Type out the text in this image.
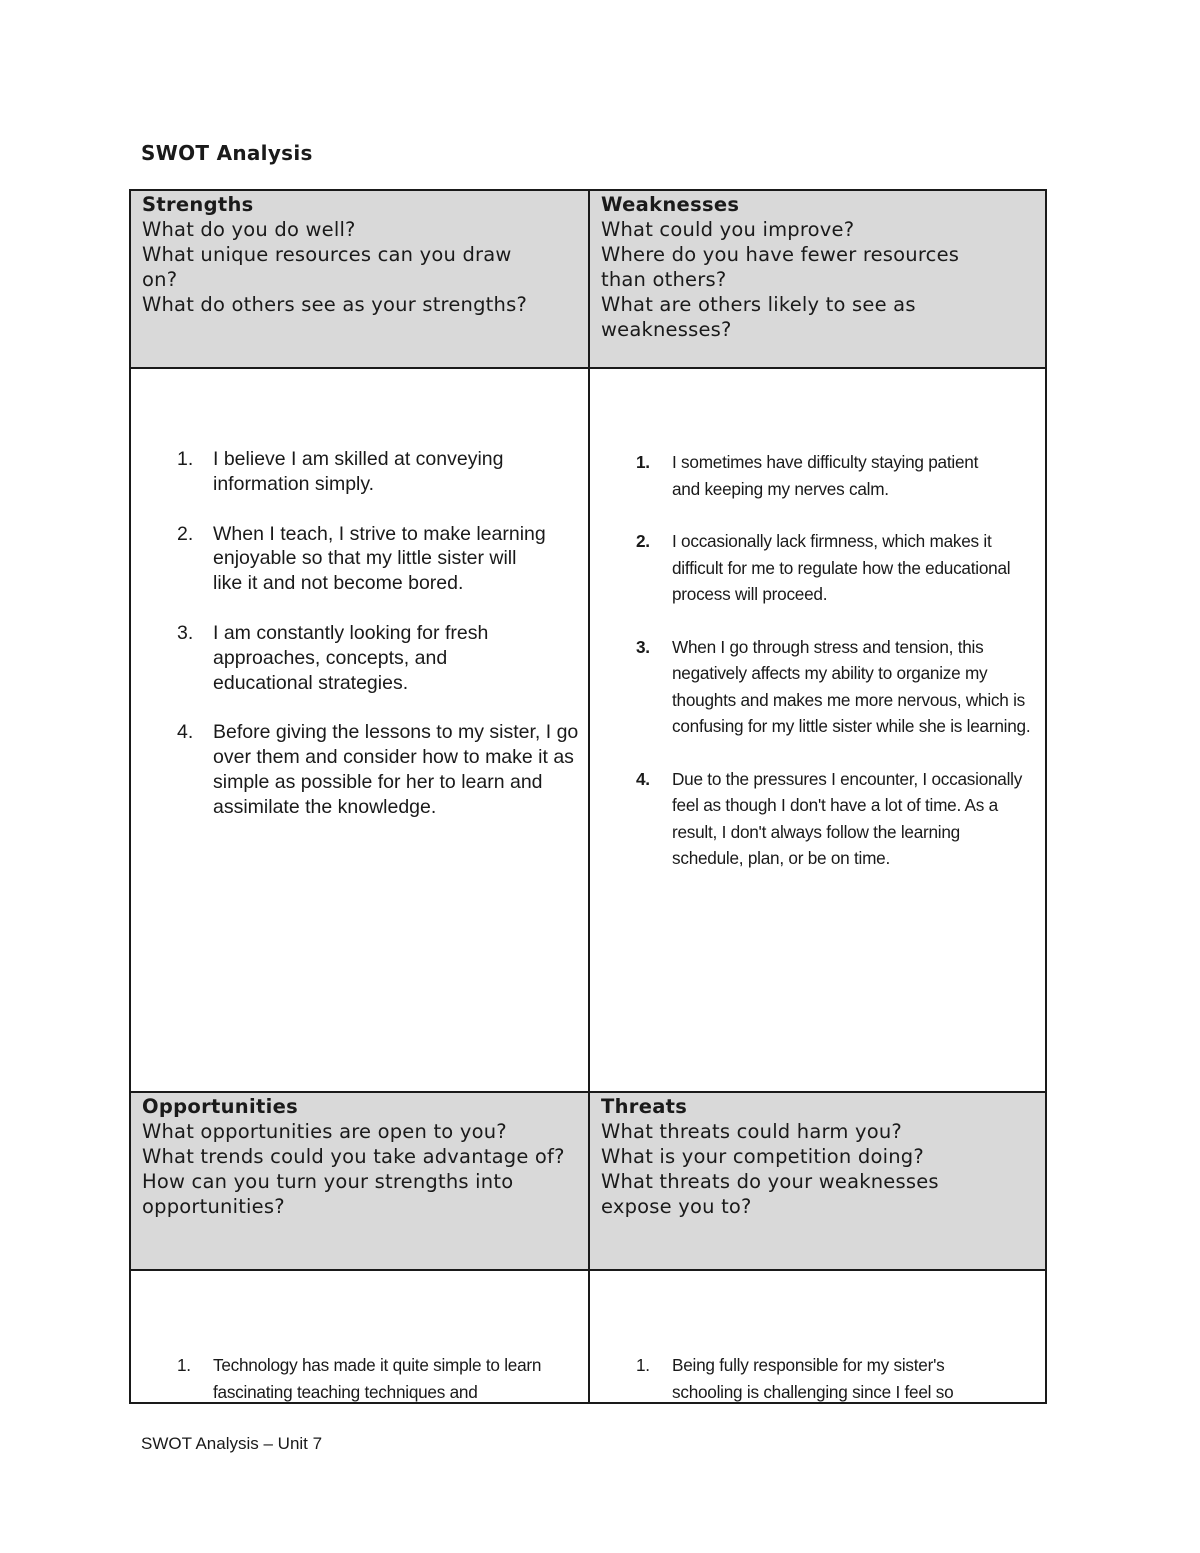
SWOT Analysis
Strengths
What do you do well?
What unique resources can you draw on?
What do others see as your strengths?
Weaknesses
What could you improve?
Where do you have fewer resources than others?
What are others likely to see as weaknesses?
1. I believe I am skilled at conveying information simply.
2. When I teach, I strive to make learning enjoyable so that my little sister will like it and not become bored.
3. I am constantly looking for fresh approaches, concepts, and educational strategies.
4. Before giving the lessons to my sister, I go over them and consider how to make it as simple as possible for her to learn and assimilate the knowledge.
1. I sometimes have difficulty staying patient and keeping my nerves calm.
2. I occasionally lack firmness, which makes it difficult for me to regulate how the educational process will proceed.
3. When I go through stress and tension, this negatively affects my ability to organize my thoughts and makes me more nervous, which is confusing for my little sister while she is learning.
4. Due to the pressures I encounter, I occasionally feel as though I don't have a lot of time. As a result, I don't always follow the learning schedule, plan, or be on time.
Opportunities
What opportunities are open to you?
What trends could you take advantage of?
How can you turn your strengths into opportunities?
Threats
What threats could harm you?
What is your competition doing?
What threats do your weaknesses expose you to?
1. Technology has made it quite simple to learn fascinating teaching techniques and
1. Being fully responsible for my sister's schooling is challenging since I feel so
SWOT Analysis – Unit 7
